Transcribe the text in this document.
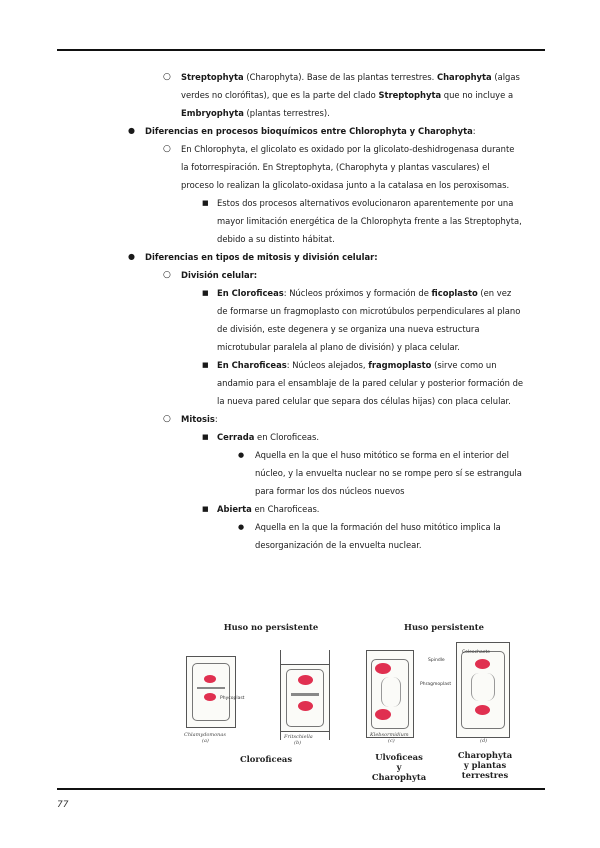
○ Streptophyta (Charophyta). Base de las plantas terrestres. Charophyta (algas verdes no clorófitas), que es la parte del clado Streptophyta que no incluye a Embryophyta (plantas terrestres).
● Diferencias en procesos bioquímicos entre Chlorophyta y Charophyta:
○ En Chlorophyta, el glicolato es oxidado por la glicolato-deshidrogenasa durante la fotorrespiración. En Streptophyta, (Charophyta y plantas vasculares) el proceso lo realizan la glicolato-oxidasa junto a la catalasa en los peroxisomas.
■ Estos dos procesos alternativos evolucionaron aparentemente por una mayor limitación energética de la Chlorophyta frente a las Streptophyta, debido a su distinto hábitat.
● Diferencias en tipos de mitosis y división celular:
○ División celular:
■ En Cloroficeas: Núcleos próximos y formación de ficoplasto (en vez de formarse un fragmoplasto con microtúbulos perpendiculares al plano de división, este degenera y se organiza una nueva estructura microtubular paralela al plano de división) y placa celular.
■ En Charoficeas: Núcleos alejados, fragmoplasto (sirve como un andamio para el ensamblaje de la pared celular y posterior formación de la nueva pared celular que separa dos células hijas) con placa celular.
○ Mitosis:
■ Cerrada en Cloroficeas.
● Aquella en la que el huso mitótico se forma en el interior del núcleo, y la envuelta nuclear no se rompe pero sí se estrangula para formar los dos núcleos nuevos
■ Abierta en Charoficeas.
● Aquella en la que la formación del huso mitótico implica la desorganización de la envuelta nuclear.
Huso no persistente	Huso persistente
Phycoplast
Spindle
Phragmoplast
Coleochaete
Chlamydomonas
(a)
Fritschiella
(b)
Klebsormidium
(c)	(d)
Cloroficeas	Ulvoficeas
y
Charophyta
Charophyta
y plantas
terrestres
77
